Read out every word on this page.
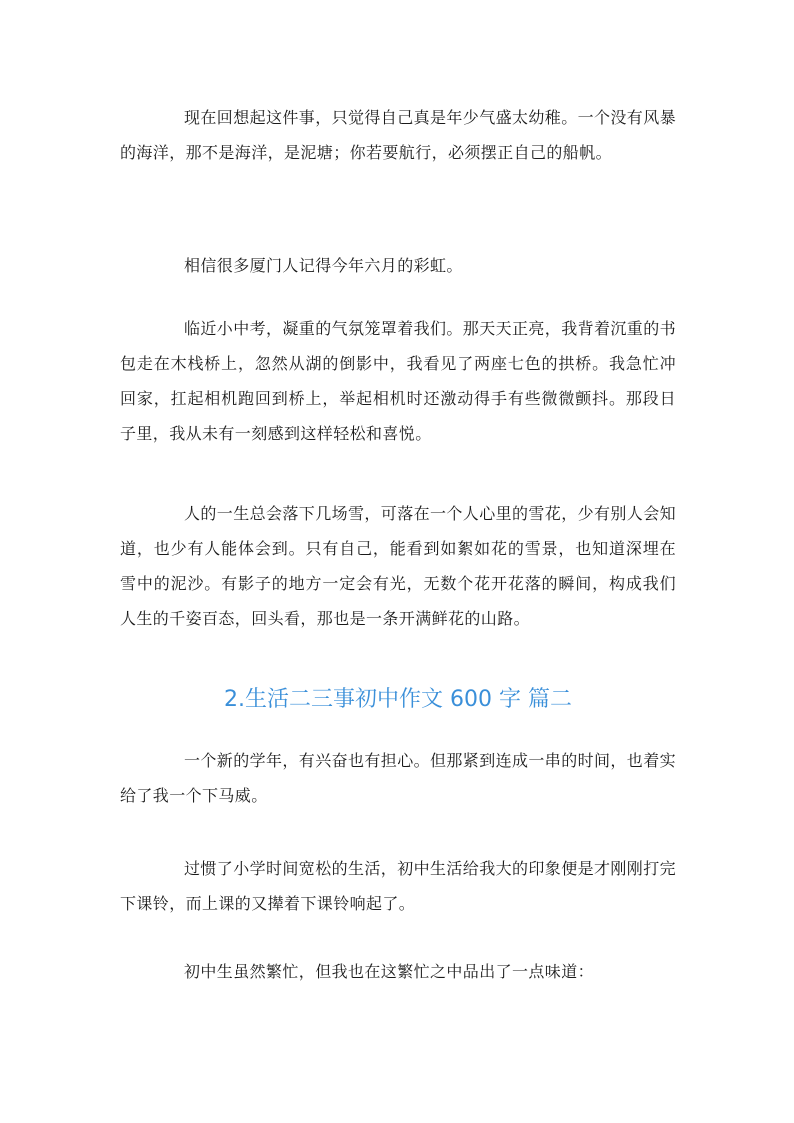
现在回想起这件事，只觉得自己真是年少气盛太幼稚。一个没有风暴的海洋，那不是海洋，是泥塘；你若要航行，必须摆正自己的船帆。

相信很多厦门人记得今年六月的彩虹。

临近小中考，凝重的气氛笼罩着我们。那天天正亮，我背着沉重的书包走在木栈桥上，忽然从湖的倒影中，我看见了两座七色的拱桥。我急忙冲回家，扛起相机跑回到桥上，举起相机时还激动得手有些微微颤抖。那段日子里，我从未有一刻感到这样轻松和喜悦。

人的一生总会落下几场雪，可落在一个人心里的雪花，少有别人会知道，也少有人能体会到。只有自己，能看到如絮如花的雪景，也知道深埋在雪中的泥沙。有影子的地方一定会有光，无数个花开花落的瞬间，构成我们人生的千姿百态，回头看，那也是一条开满鲜花的山路。

2.生活二三事初中作文 600 字 篇二

一个新的学年，有兴奋也有担心。但那紧到连成一串的时间，也着实给了我一个下马威。

过惯了小学时间宽松的生活，初中生活给我大的印象便是才刚刚打完下课铃，而上课的又撵着下课铃响起了。

初中生虽然繁忙，但我也在这繁忙之中品出了一点味道：
